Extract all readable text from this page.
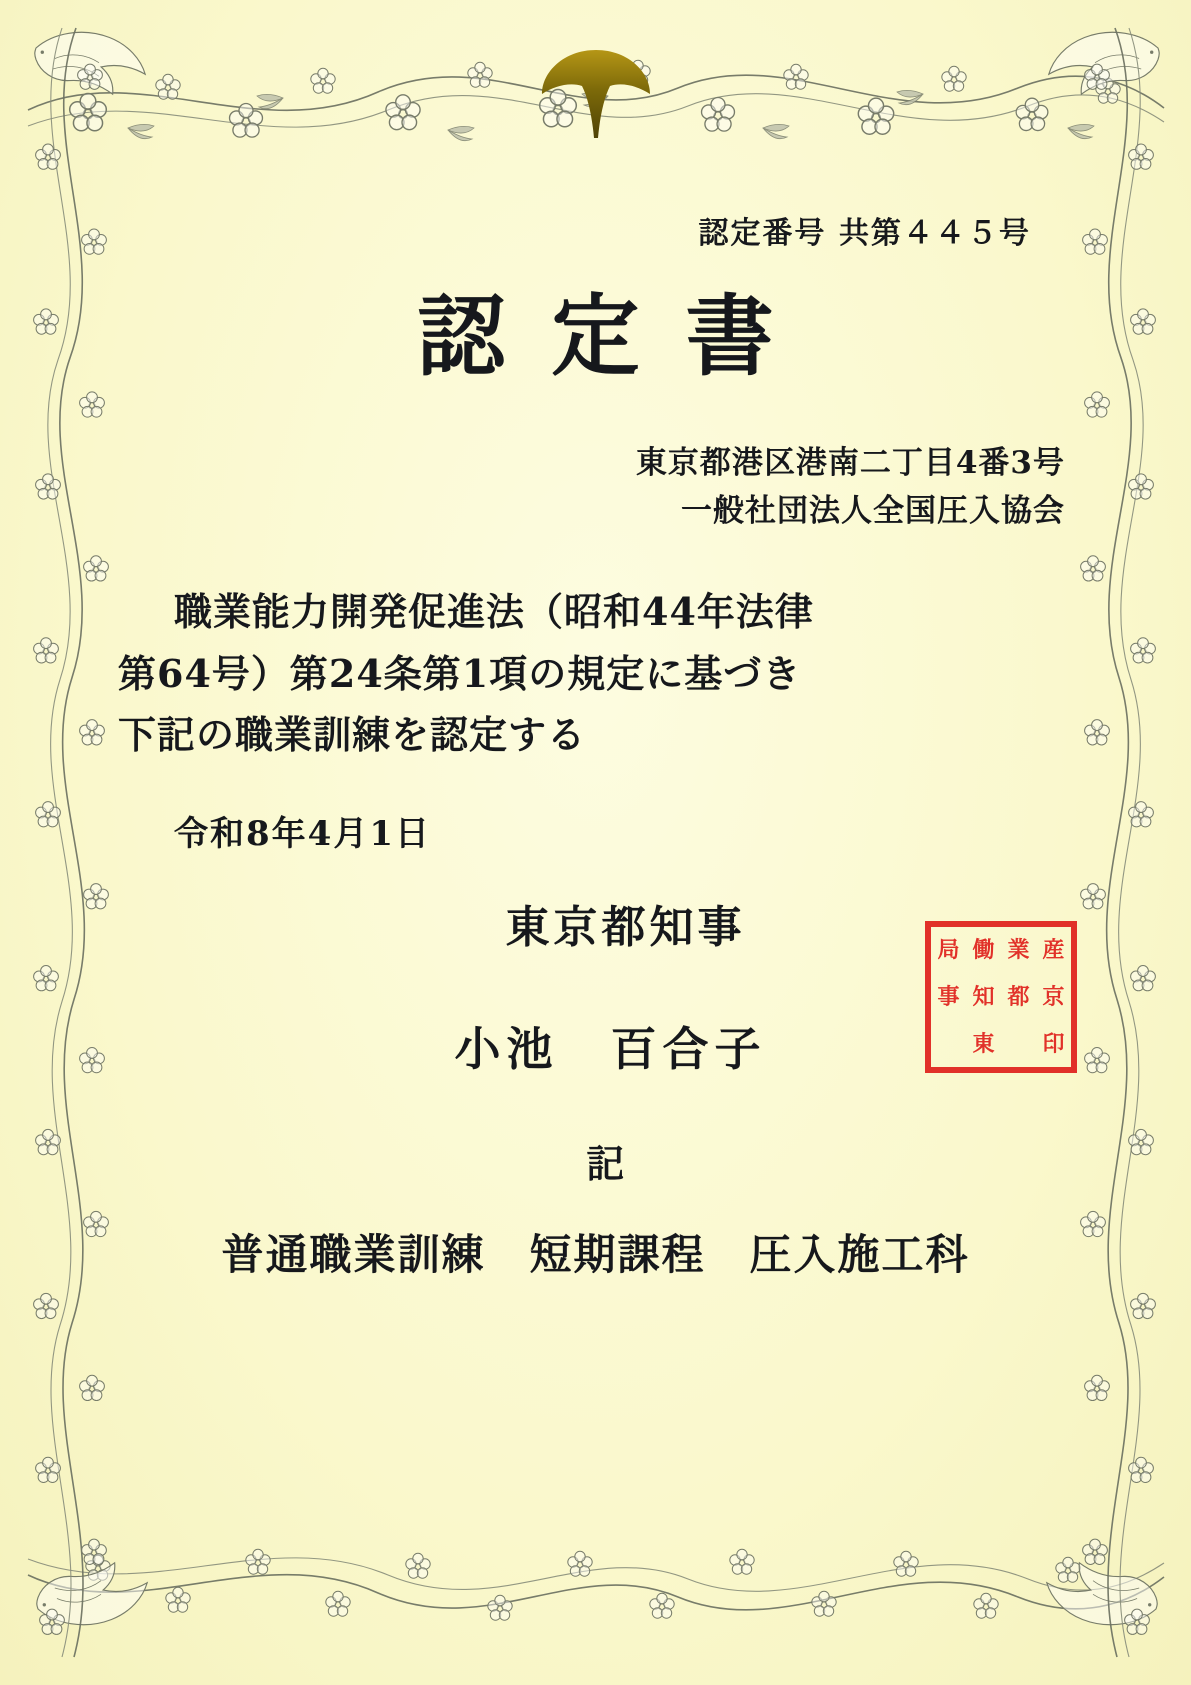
認定番号 共第４４５号
認定書
東京都港区港南二丁目4番3号
一般社団法人全国圧入協会
職業能力開発促進法（昭和44年法律
第64号）第24条第1項の規定に基づき
下記の職業訓練を認定する
令和8年4月1日
東京都知事
小池　百合子
局 働 業 産
事 知 都 京
東 印
記
普通職業訓練　短期課程　圧入施工科
